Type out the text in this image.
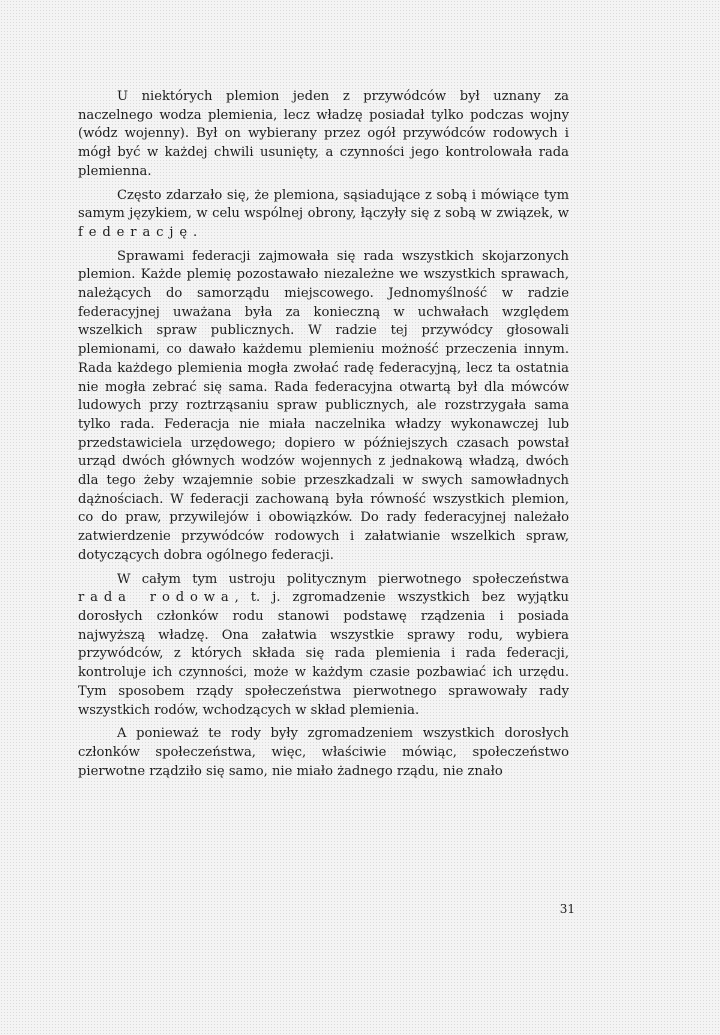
U niektórych plemion jeden z przywódców był uznany za naczelnego wodza plemienia, lecz władzę posiadał tylko podczas wojny (wódz wojenny). Był on wybierany przez ogół przywódców rodowych i mógł być w każdej chwili usunięty, a czynności jego kontrolowała rada plemienna.

Często zdarzało się, że plemiona, sąsiadujące z sobą i mówiące tym samym językiem, w celu wspólnej obrony, łączyły się z sobą w związek, w federację.

Sprawami federacji zajmowała się rada wszystkich skojarzonych plemion. Każde plemię pozostawało niezależne we wszystkich sprawach, należących do samorządu miejscowego. Jednomyślność w radzie federacyjnej uważana była za konieczną w uchwałach względem wszelkich spraw publicznych. W radzie tej przywódcy głosowali plemionami, co dawało każdemu plemieniu możność przeczenia innym. Rada każdego plemienia mogła zwołać radę federacyjną, lecz ta ostatnia nie mogła zebrać się sama. Rada federacyjna otwartą był dla mówców ludowych przy roztrząsaniu spraw publicznych, ale rozstrzygała sama tylko rada. Federacja nie miała naczelnika władzy wykonawczej lub przedstawiciela urzędowego; dopiero w późniejszych czasach powstał urząd dwóch głównych wodzów wojennych z jednakową władzą, dwóch dla tego żeby wzajemnie sobie przeszkadzali w swych samowładnych dążnościach. W federacji zachowaną była równość wszystkich plemion, co do praw, przywilejów i obowiązków. Do rady federacyjnej należało zatwierdzenie przywódców rodowych i załatwianie wszelkich spraw, dotyczących dobra ogólnego federacji.

W całym tym ustroju politycznym pierwotnego społeczeństwa rada rodowa, t. j. zgromadzenie wszystkich bez wyjątku dorosłych członków rodu stanowi podstawę rządzenia i posiada najwyższą władzę. Ona załatwia wszystkie sprawy rodu, wybiera przywódców, z których składa się rada plemienia i rada federacji, kontroluje ich czynności, może w każdym czasie pozbawiać ich urzędu. Tym sposobem rządy społeczeństwa pierwotnego sprawowały rady wszystkich rodów, wchodzących w skład plemienia.

A ponieważ te rody były zgromadzeniem wszystkich dorosłych członków społeczeństwa, więc, właściwie mówiąc, społeczeństwo pierwotne rządziło się samo, nie miało żadnego rządu, nie znało

31
